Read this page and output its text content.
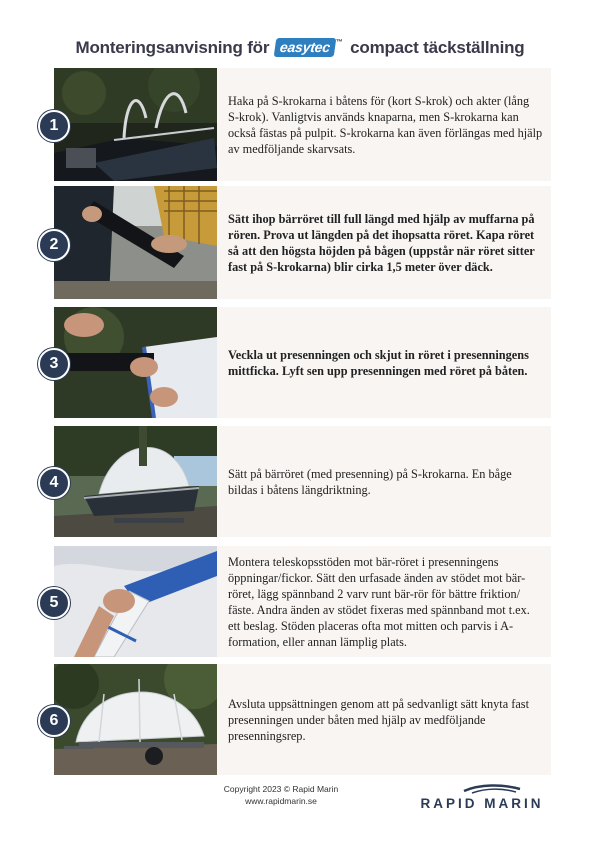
Monteringsanvisning för easytec ™ compact täckställning
Haka på S-krokarna i båtens för (kort S-krok) och akter (lång S-krok). Vanligtvis används knaparna, men S-krokarna kan också fästas på pulpit. S-krokarna kan även förlängas med hjälp av medföljande skarvsats.
1
Sätt ihop bärröret till full längd med hjälp av muffarna på rören. Prova ut längden på det ihopsatta röret. Kapa röret så att den högsta höjden på bågen (uppstår när röret sitter fast på S-krokarna) blir cirka 1,5 meter över däck.
2
Veckla ut presenningen och skjut in röret i presenningens mittficka. Lyft sen upp presenningen med röret på båten.
3
Sätt på bärröret (med presenning) på S-krokarna. En båge bildas i båtens längdriktning.
4
Montera teleskopsstöden mot bär-röret i presenningens öppningar/fickor. Sätt den urfasade änden av stödet mot bär-röret, lägg spännband 2 varv runt bär-rör för bättre friktion/ fäste. Andra änden av stödet fixeras med spännband mot t.ex. ett beslag. Stöden placeras ofta mot mitten och parvis i A-formation, eller annan lämplig plats.
5
Avsluta uppsättningen genom att på sedvanligt sätt knyta fast presenningen under båten med hjälp av medföljande presenningsrep.
6
Copyright 2023 © Rapid Marin
www.rapidmarin.se	RAPID MARIN
